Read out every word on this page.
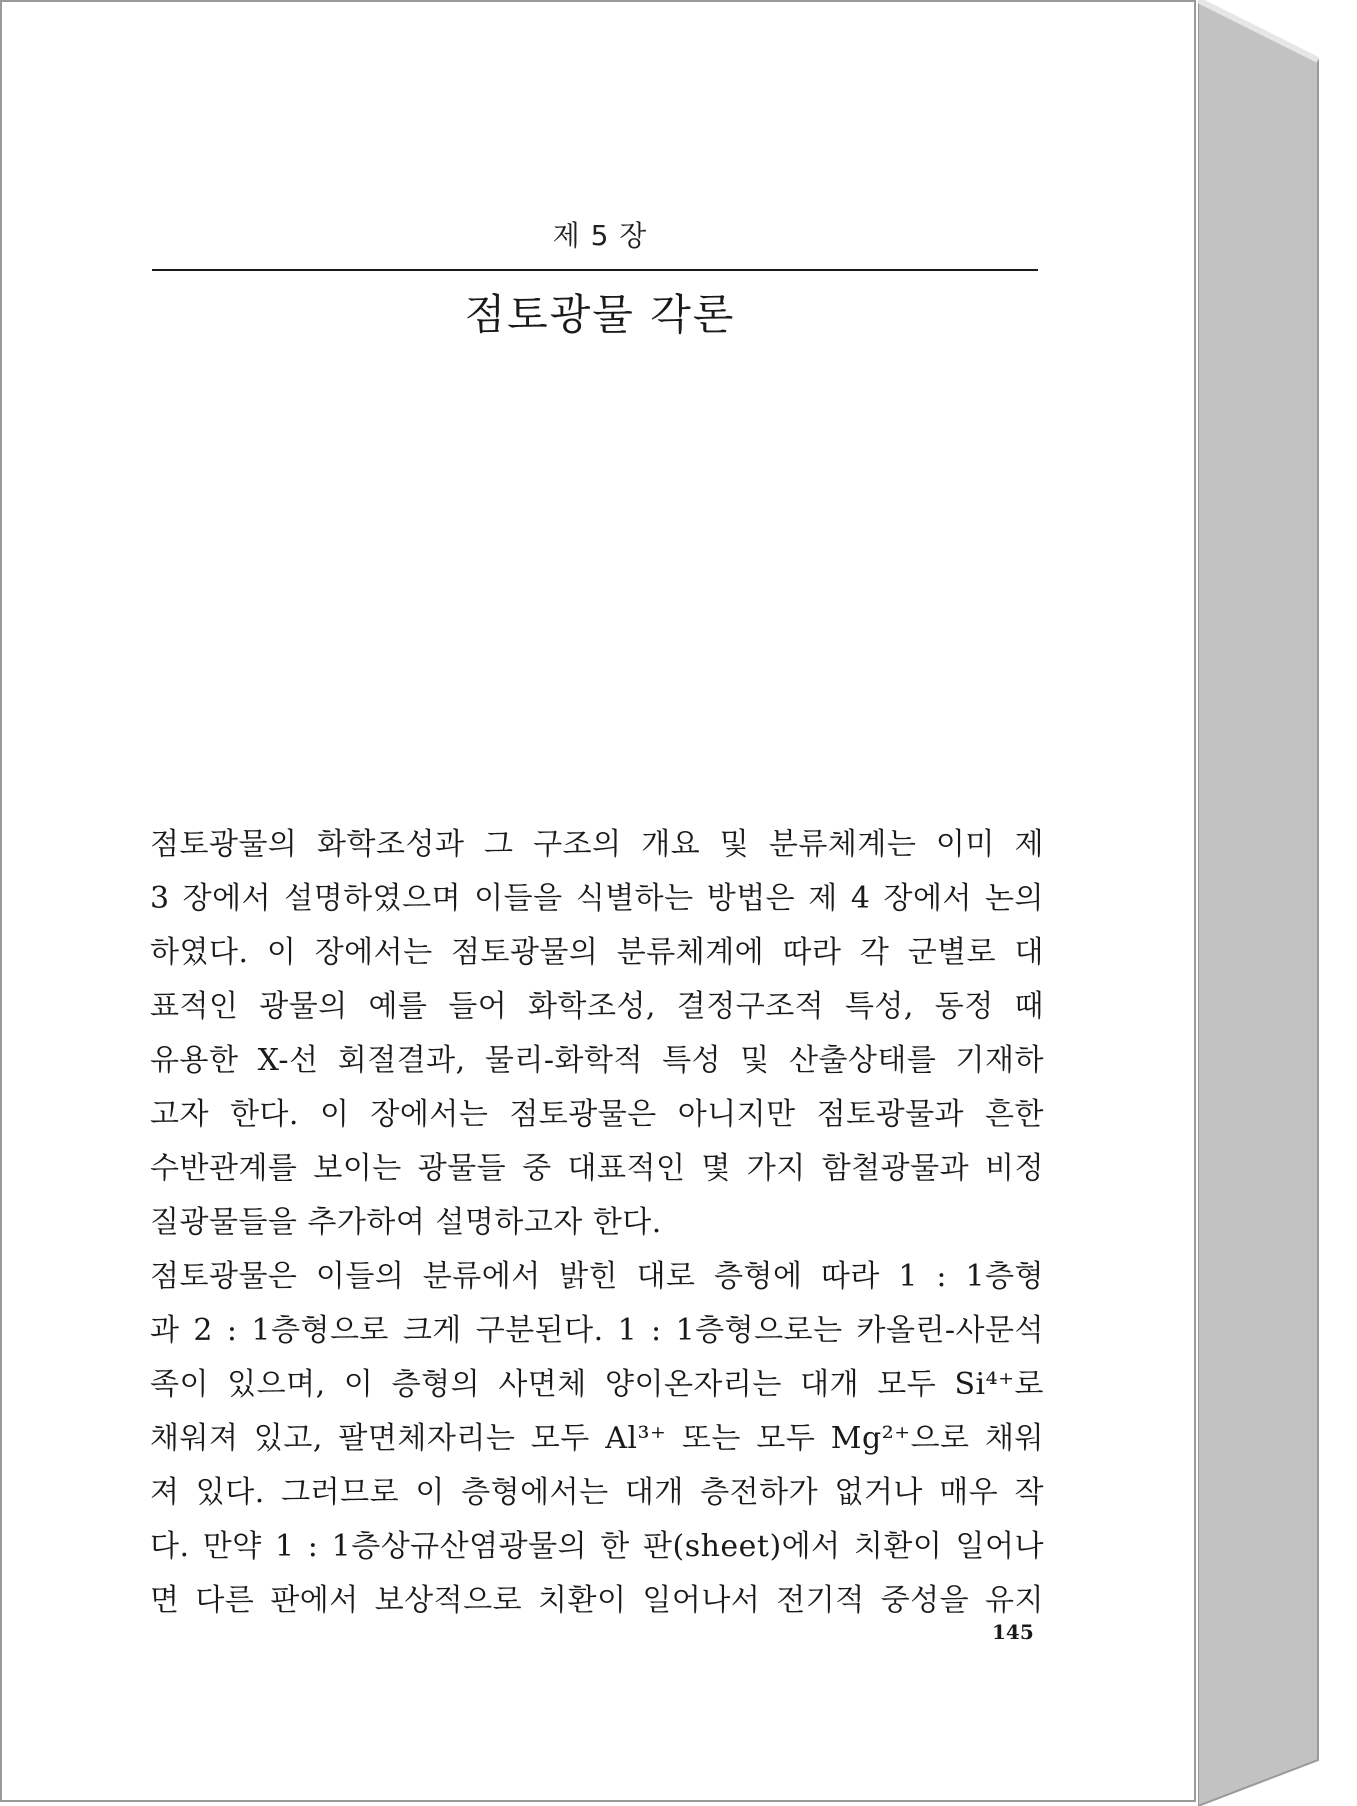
제 5 장
점토광물 각론
점토광물의 화학조성과 그 구조의 개요 및 분류체계는 이미 제
3 장에서 설명하였으며 이들을 식별하는 방법은 제 4 장에서 논의
하였다. 이 장에서는 점토광물의 분류체계에 따라 각 군별로 대
표적인 광물의 예를 들어 화학조성, 결정구조적 특성, 동정 때
유용한 X-선 회절결과, 물리-화학적 특성 및 산출상태를 기재하
고자 한다. 이 장에서는 점토광물은 아니지만 점토광물과 흔한
수반관계를 보이는 광물들 중 대표적인 몇 가지 함철광물과 비정
질광물들을 추가하여 설명하고자 한다.
점토광물은 이들의 분류에서 밝힌 대로 층형에 따라 1 : 1층형
과 2 : 1층형으로 크게 구분된다. 1 : 1층형으로는 카올린-사문석
족이 있으며, 이 층형의 사면체 양이온자리는 대개 모두 Si⁴⁺로
채워져 있고, 팔면체자리는 모두 Al³⁺ 또는 모두 Mg²⁺으로 채워
져 있다. 그러므로 이 층형에서는 대개 층전하가 없거나 매우 작
다. 만약 1 : 1층상규산염광물의 한 판(sheet)에서 치환이 일어나
면 다른 판에서 보상적으로 치환이 일어나서 전기적 중성을 유지
145
